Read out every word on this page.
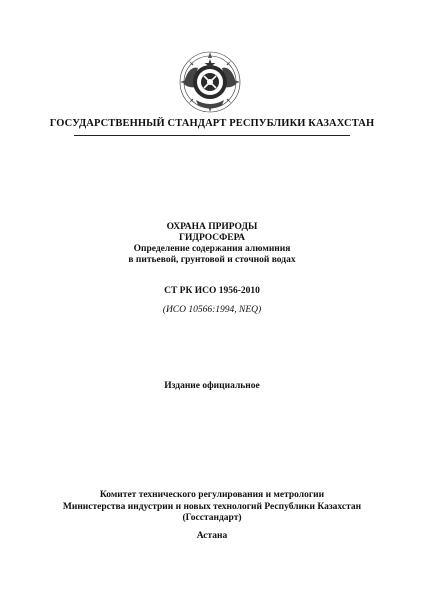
ГОСУДАРСТВЕННЫЙ СТАНДАРТ РЕСПУБЛИКИ КАЗАХСТАН
ОХРАНА ПРИРОДЫ
ГИДРОСФЕРА
Определение содержания алюминия
в питьевой, грунтовой и сточной водах
СТ РК ИСО 1956-2010
(ИСО 10566:1994, NEQ)
Издание официальное
Комитет технического регулирования и метрологии
Министерства индустрии и новых технологий Республики Казахстан
(Госстандарт)
Астана
